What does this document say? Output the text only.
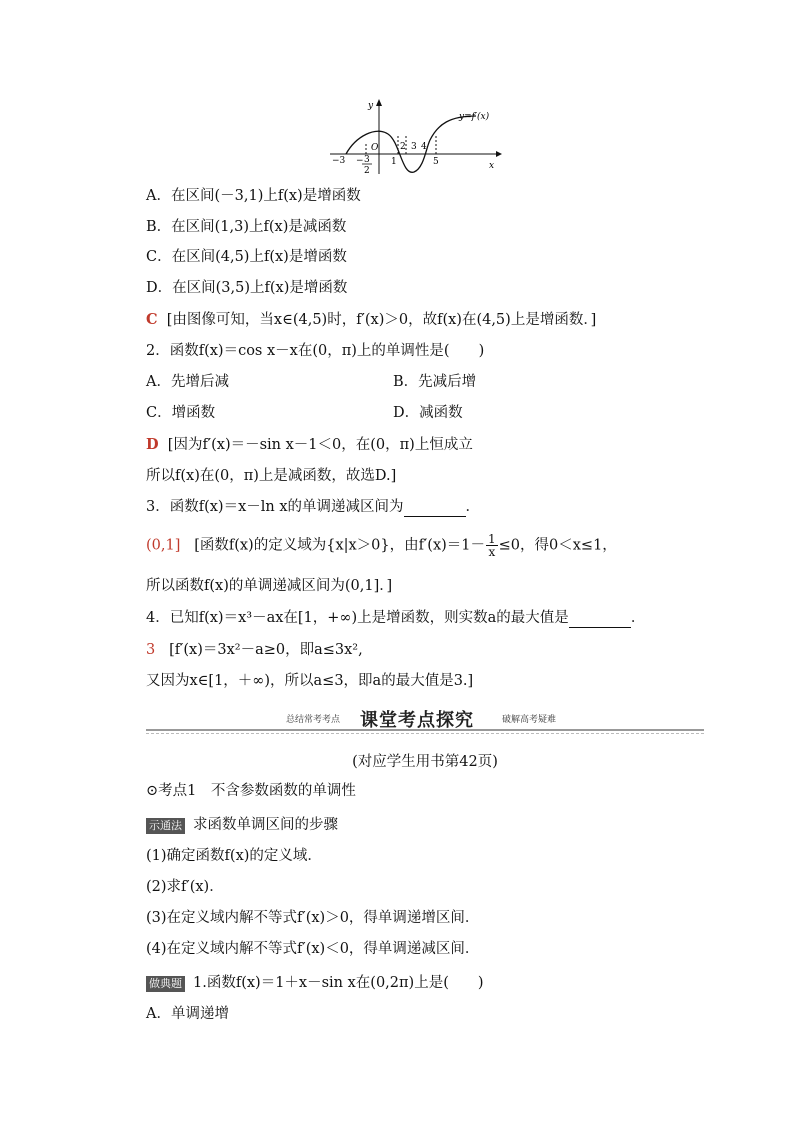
y
x
y=f′(x)
O
−3 − 3
2
1
2 3 4
5
A．在区间(－3,1)上f(x)是增函数
B．在区间(1,3)上f(x)是减函数
C．在区间(4,5)上f(x)是增函数
D．在区间(3,5)上f(x)是增函数
C [由图像可知，当x∈(4,5)时，f′(x)＞0，故f(x)在(4,5)上是增函数．]
2．函数f(x)＝cos x－x在(0，π)上的单调性是(　　)
A．先增后减	B．先减后增
C．增函数	D．减函数
D [因为f′(x)＝－sin x－1＜0，在(0，π)上恒成立
所以f(x)在(0，π)上是减函数，故选D.]
3．函数f(x)＝x－ln x的单调递减区间为	．
(0,1] [函数f(x)的定义域为{x|x＞0}，由$f'(x)=1- \frac{1}{x} \le 0$，得0＜x≤1，
所以函数f(x)的单调递减区间为(0,1]．]
4．已知f(x)＝x³－ax在[1，+∞)上是增函数，则实数a的最大值是	．
3 [f′(x)＝3x²－a≥0，即a≤3x²,
又因为x∈[1，＋∞)，所以a≤3，即a的最大值是3.]
总结常考考点 课堂考点探究	破解高考疑难
(对应学生用书第42页)
⊙考点1　不含参数函数的单调性
示通法 求函数单调区间的步骤
(1)确定函数f(x)的定义域．
(2)求f′(x)．
(3)在定义域内解不等式f′(x)＞0，得单调递增区间．
(4)在定义域内解不等式f′(x)＜0，得单调递减区间．
做典题 1.函数f(x)＝1＋x－sin x在(0,2π)上是(　　)
A．单调递增
